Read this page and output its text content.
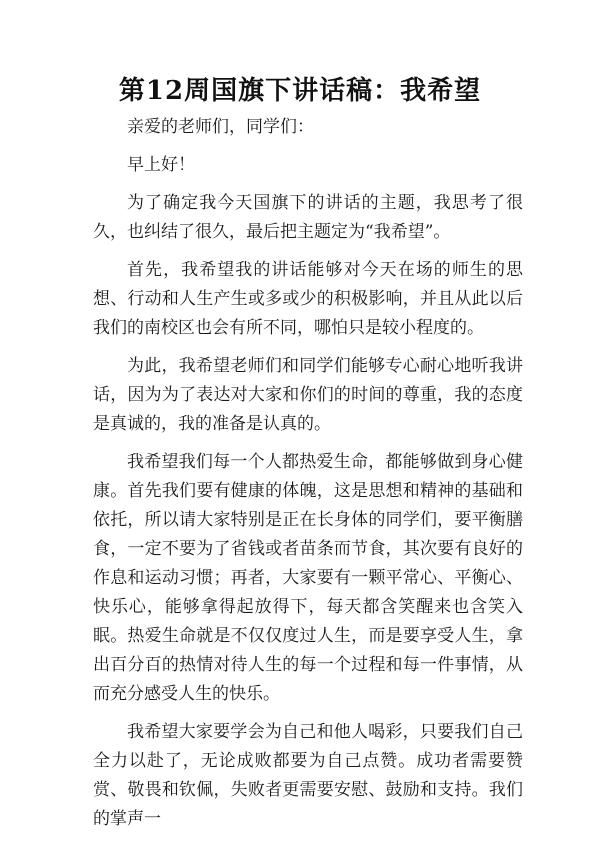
第12周国旗下讲话稿：我希望

亲爱的老师们，同学们：

早上好！

为了确定我今天国旗下的讲话的主题，我思考了很久，也纠结了很久，最后把主题定为“我希望”。

首先，我希望我的讲话能够对今天在场的师生的思想、行动和人生产生或多或少的积极影响，并且从此以后我们的南校区也会有所不同，哪怕只是较小程度的。

为此，我希望老师们和同学们能够专心耐心地听我讲话，因为为了表达对大家和你们的时间的尊重，我的态度是真诚的，我的准备是认真的。

我希望我们每一个人都热爱生命，都能够做到身心健康。首先我们要有健康的体魄，这是思想和精神的基础和依托，所以请大家特别是正在长身体的同学们，要平衡膳食，一定不要为了省钱或者苗条而节食，其次要有良好的作息和运动习惯；再者，大家要有一颗平常心、平衡心、快乐心，能够拿得起放得下，每天都含笑醒来也含笑入眠。热爱生命就是不仅仅度过人生，而是要享受人生，拿出百分百的热情对待人生的每一个过程和每一件事情，从而充分感受人生的快乐。

我希望大家要学会为自己和他人喝彩，只要我们自己全力以赴了，无论成败都要为自己点赞。成功者需要赞赏、敬畏和钦佩，失败者更需要安慰、鼓励和支持。我们的掌声一
